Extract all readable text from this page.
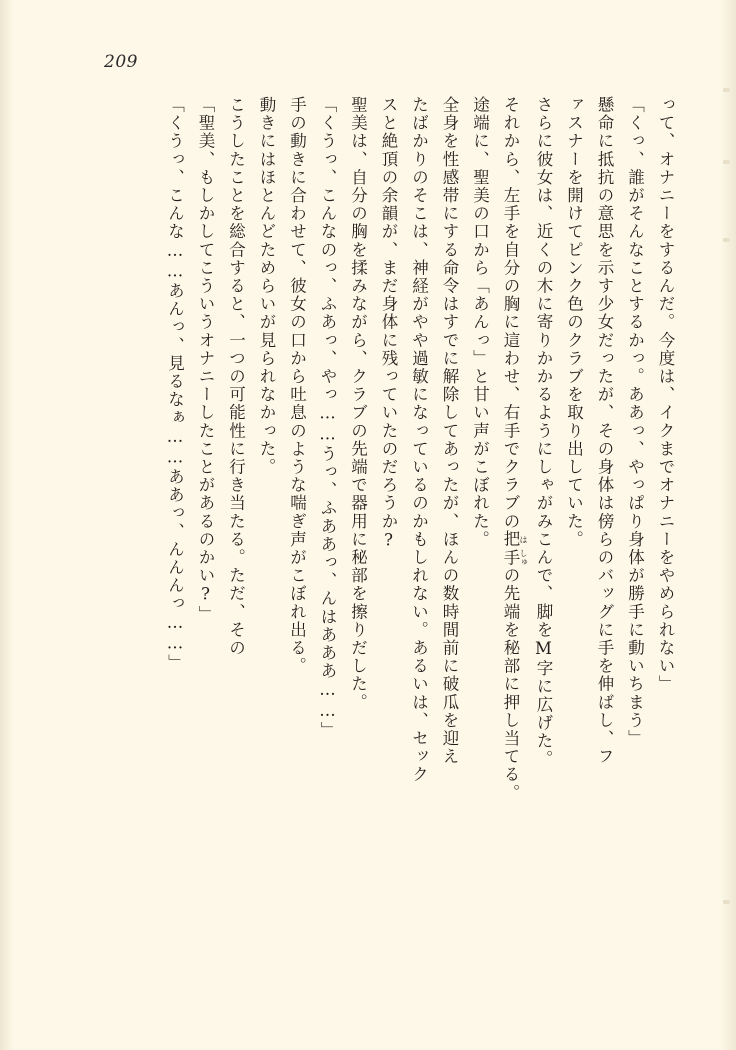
209

って、オナニーをするんだ。今度は、イクまでオナニーをやめられない」

「くっ、誰がそんなことするかっ。ああっ、やっぱり身体が勝手に動いちまう」

懸命に抵抗の意思を示す少女だったが、その身体は傍らのバッグに手を伸ばし、フ

ァスナーを開けてピンク色のクラブを取り出していた。

さらに彼女は、近くの木に寄りかかるようにしゃがみこんで、脚をM字に広げた。

それから、左手を自分の胸に這わせ、右手でクラブの把 は手 しゅの先端を秘部に押し当てる。

途端に、聖美の口から「あんっ」と甘い声がこぼれた。

全身を性感帯にする命令はすでに解除してあったが、ほんの数時間前に破瓜を迎え

たばかりのそこは、神経がやや過敏になっているのかもしれない。あるいは、セック

スと絶頂の余韻が、まだ身体に残っていたのだろうか?

聖美は、自分の胸を揉みながら、クラブの先端で器用に秘部を擦りだした。

「くうっ、こんなのっ、ふあっ、やっ……うっ、ふああっ、んはあああ……」

手の動きに合わせて、彼女の口から吐息のような喘ぎ声がこぼれ出る。

動きにはほとんどためらいが見られなかった。

こうしたことを総合すると、一つの可能性に行き当たる。ただ、その

「聖美、もしかしてこういうオナニーしたことがあるのかい?」

「くうっ、こんな……あんっ、見るなぁ……ああっ、んんんっ……」
